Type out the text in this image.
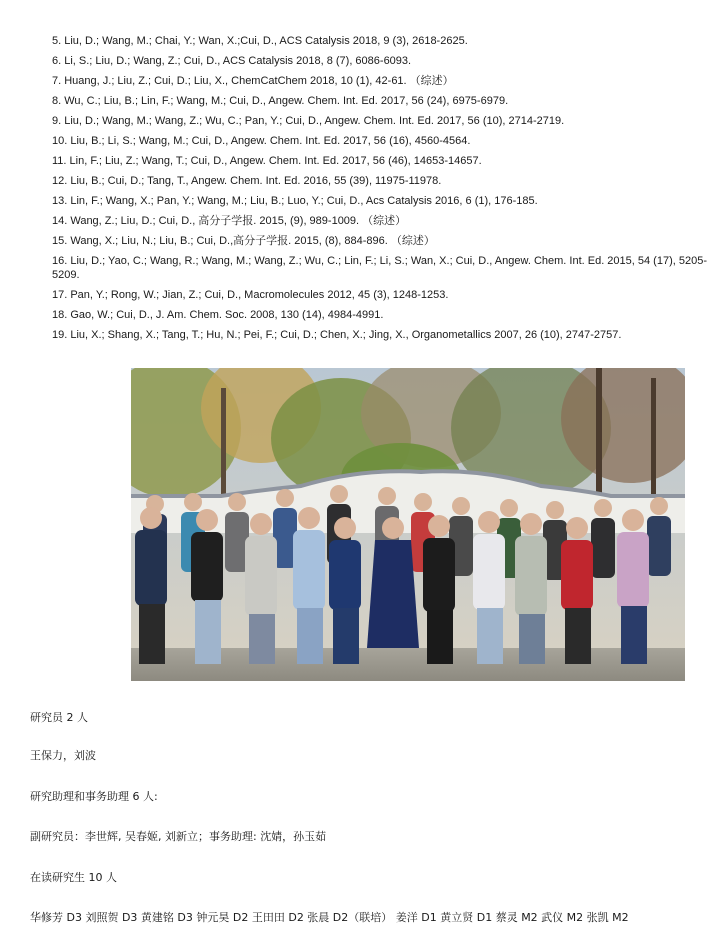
5. Liu, D.; Wang, M.; Chai, Y.; Wan, X.;Cui, D., ACS Catalysis 2018, 9 (3), 2618-2625.
6. Li, S.; Liu, D.; Wang, Z.; Cui, D., ACS Catalysis 2018, 8 (7), 6086-6093.
7. Huang, J.; Liu, Z.; Cui, D.; Liu, X., ChemCatChem 2018, 10 (1), 42-61. （综述）
8. Wu, C.; Liu, B.; Lin, F.; Wang, M.; Cui, D., Angew. Chem. Int. Ed. 2017, 56 (24), 6975-6979.
9. Liu, D.; Wang, M.; Wang, Z.; Wu, C.; Pan, Y.; Cui, D., Angew. Chem. Int. Ed. 2017, 56 (10), 2714-2719.
10. Liu, B.; Li, S.; Wang, M.; Cui, D., Angew. Chem. Int. Ed. 2017, 56 (16), 4560-4564.
11. Lin, F.; Liu, Z.; Wang, T.; Cui, D., Angew. Chem. Int. Ed. 2017, 56 (46), 14653-14657.
12. Liu, B.; Cui, D.; Tang, T., Angew. Chem. Int. Ed. 2016, 55 (39), 11975-11978.
13. Lin, F.; Wang, X.; Pan, Y.; Wang, M.; Liu, B.; Luo, Y.; Cui, D., Acs Catalysis 2016, 6 (1), 176-185.
14. Wang, Z.; Liu, D.; Cui, D., 高分子学报. 2015, (9), 989-1009. （综述）
15. Wang, X.; Liu, N.; Liu, B.; Cui, D.,高分子学报. 2015, (8), 884-896. （综述）
16. Liu, D.; Yao, C.; Wang, R.; Wang, M.; Wang, Z.; Wu, C.; Lin, F.; Li, S.; Wan, X.; Cui, D., Angew. Chem. Int. Ed. 2015, 54 (17), 5205-5209.
17. Pan, Y.; Rong, W.; Jian, Z.; Cui, D., Macromolecules 2012, 45 (3), 1248-1253.
18. Gao, W.; Cui, D., J. Am. Chem. Soc. 2008, 130 (14), 4984-4991.
19. Liu, X.; Shang, X.; Tang, T.; Hu, N.; Pei, F.; Cui, D.; Chen, X.; Jing, X., Organometallics 2007, 26 (10), 2747-2757.
研究员 2 人
王保力，刘波
研究助理和事务助理 6 人:
副研究员：李世辉, 吴春姬, 刘新立；事务助理: 沈婧，孙玉茹
在读研究生 10 人
华修芳 D3 刘照贺 D3 黄建铭 D3 钟元昊 D2 王田田 D2 张晨 D2（联培） 姜洋 D1 黄立贤 D1 蔡灵 M2 武仪 M2 张凯 M2
